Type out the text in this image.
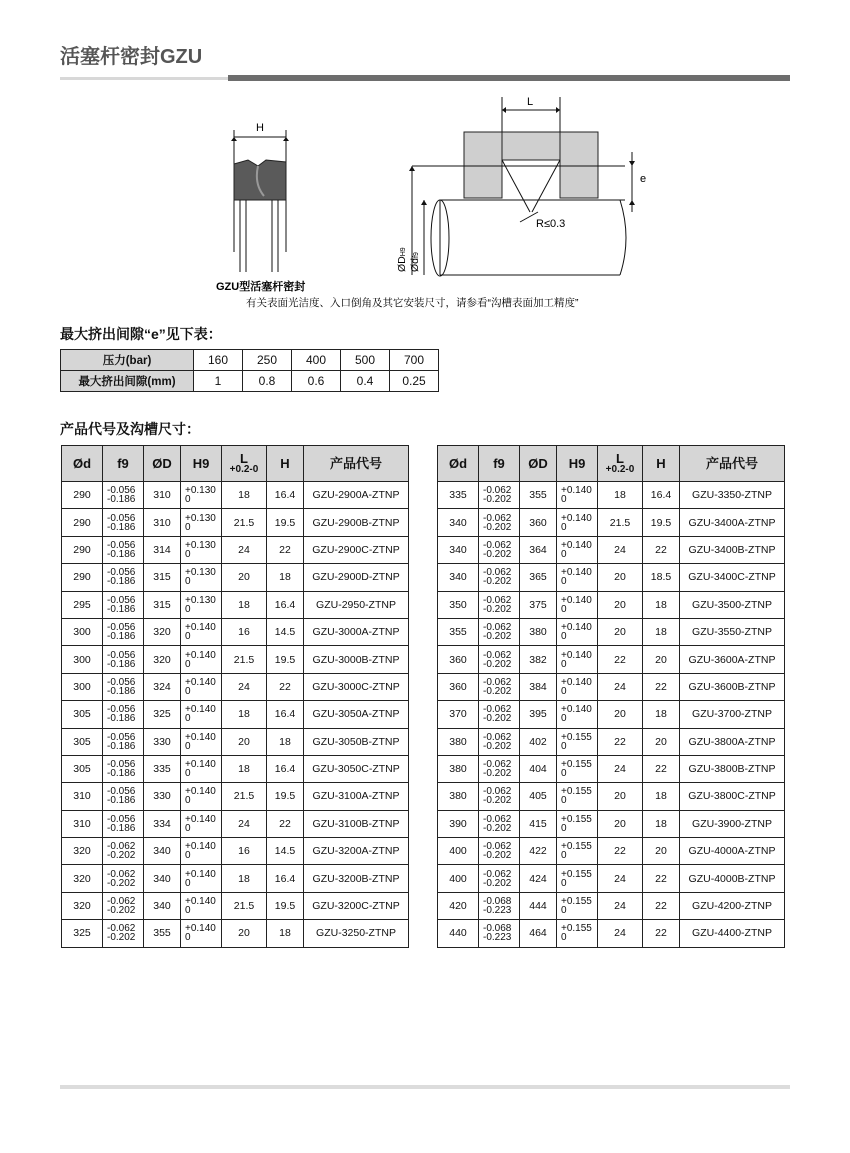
活塞杆密封GZU
H
GZU型活塞杆密封
L
e
R≤0.3
ØDH9
Ødf9
有关表面光洁度、入口倒角及其它安装尺寸，请参看“沟槽表面加工精度”
最大挤出间隙“e”见下表：
压力(bar)	160	250	400	500	700
最大挤出间隙(mm)	1	0.8	0.6	0.4	0.25
产品代号及沟槽尺寸：
Ød	f9	ØD	H9	L
+0.2-0	H	产品代号
290	-0.056
-0.186	310	+0.130
0	18	16.4	GZU-2900A-ZTNP
290	-0.056
-0.186	310	+0.130
0	21.5	19.5	GZU-2900B-ZTNP
290	-0.056
-0.186	314	+0.130
0	24	22	GZU-2900C-ZTNP
290	-0.056
-0.186	315	+0.130
0	20	18	GZU-2900D-ZTNP
295	-0.056
-0.186	315	+0.130
0	18	16.4	GZU-2950-ZTNP
300	-0.056
-0.186	320	+0.140
0	16	14.5	GZU-3000A-ZTNP
300	-0.056
-0.186	320	+0.140
0	21.5	19.5	GZU-3000B-ZTNP
300	-0.056
-0.186	324	+0.140
0	24	22	GZU-3000C-ZTNP
305	-0.056
-0.186	325	+0.140
0	18	16.4	GZU-3050A-ZTNP
305	-0.056
-0.186	330	+0.140
0	20	18	GZU-3050B-ZTNP
305	-0.056
-0.186	335	+0.140
0	18	16.4	GZU-3050C-ZTNP
310	-0.056
-0.186	330	+0.140
0	21.5	19.5	GZU-3100A-ZTNP
310	-0.056
-0.186	334	+0.140
0	24	22	GZU-3100B-ZTNP
320	-0.062
-0.202	340	+0.140
0	16	14.5	GZU-3200A-ZTNP
320	-0.062
-0.202	340	+0.140
0	18	16.4	GZU-3200B-ZTNP
320	-0.062
-0.202	340	+0.140
0	21.5	19.5	GZU-3200C-ZTNP
325	-0.062
-0.202	355	+0.140
0	20	18	GZU-3250-ZTNP
Ød	f9	ØD	H9	L
+0.2-0	H	产品代号
335	-0.062
-0.202	355	+0.140
0	18	16.4	GZU-3350-ZTNP
340	-0.062
-0.202	360	+0.140
0	21.5	19.5	GZU-3400A-ZTNP
340	-0.062
-0.202	364	+0.140
0	24	22	GZU-3400B-ZTNP
340	-0.062
-0.202	365	+0.140
0	20	18.5	GZU-3400C-ZTNP
350	-0.062
-0.202	375	+0.140
0	20	18	GZU-3500-ZTNP
355	-0.062
-0.202	380	+0.140
0	20	18	GZU-3550-ZTNP
360	-0.062
-0.202	382	+0.140
0	22	20	GZU-3600A-ZTNP
360	-0.062
-0.202	384	+0.140
0	24	22	GZU-3600B-ZTNP
370	-0.062
-0.202	395	+0.140
0	20	18	GZU-3700-ZTNP
380	-0.062
-0.202	402	+0.155
0	22	20	GZU-3800A-ZTNP
380	-0.062
-0.202	404	+0.155
0	24	22	GZU-3800B-ZTNP
380	-0.062
-0.202	405	+0.155
0	20	18	GZU-3800C-ZTNP
390	-0.062
-0.202	415	+0.155
0	20	18	GZU-3900-ZTNP
400	-0.062
-0.202	422	+0.155
0	22	20	GZU-4000A-ZTNP
400	-0.062
-0.202	424	+0.155
0	24	22	GZU-4000B-ZTNP
420	-0.068
-0.223	444	+0.155
0	24	22	GZU-4200-ZTNP
440	-0.068
-0.223	464	+0.155
0	24	22	GZU-4400-ZTNP
